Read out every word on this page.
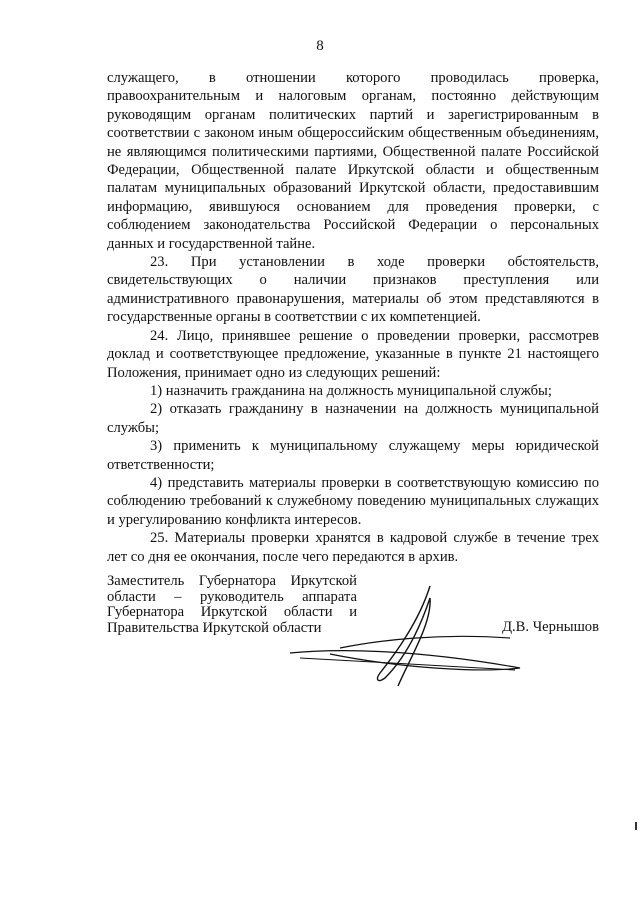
8

служащего, в отношении которого проводилась проверка, правоохранительным и налоговым органам, постоянно действующим руководящим органам политических партий и зарегистрированным в соответствии с законом иным общероссийским общественным объединениям, не являющимся политическими партиями, Общественной палате Российской Федерации, Общественной палате Иркутской области и общественным палатам муниципальных образований Иркутской области, предоставившим информацию, явившуюся основанием для проведения проверки, с соблюдением законодательства Российской Федерации о персональных данных и государственной тайне.

23. При установлении в ходе проверки обстоятельств, свидетельствующих о наличии признаков преступления или административного правонарушения, материалы об этом представляются в государственные органы в соответствии с их компетенцией.

24. Лицо, принявшее решение о проведении проверки, рассмотрев доклад и соответствующее предложение, указанные в пункте 21 настоящего Положения, принимает одно из следующих решений:

1) назначить гражданина на должность муниципальной службы;

2) отказать гражданину в назначении на должность муниципальной службы;

3) применить к муниципальному служащему меры юридической ответственности;

4) представить материалы проверки в соответствующую комиссию по соблюдению требований к служебному поведению муниципальных служащих и урегулированию конфликта интересов.

25. Материалы проверки хранятся в кадровой службе в течение трех лет со дня ее окончания, после чего передаются в архив.

Заместитель Губернатора Иркутской области – руководитель аппарата Губернатора Иркутской области и Правительства Иркутской области	Д.В. Чернышов
